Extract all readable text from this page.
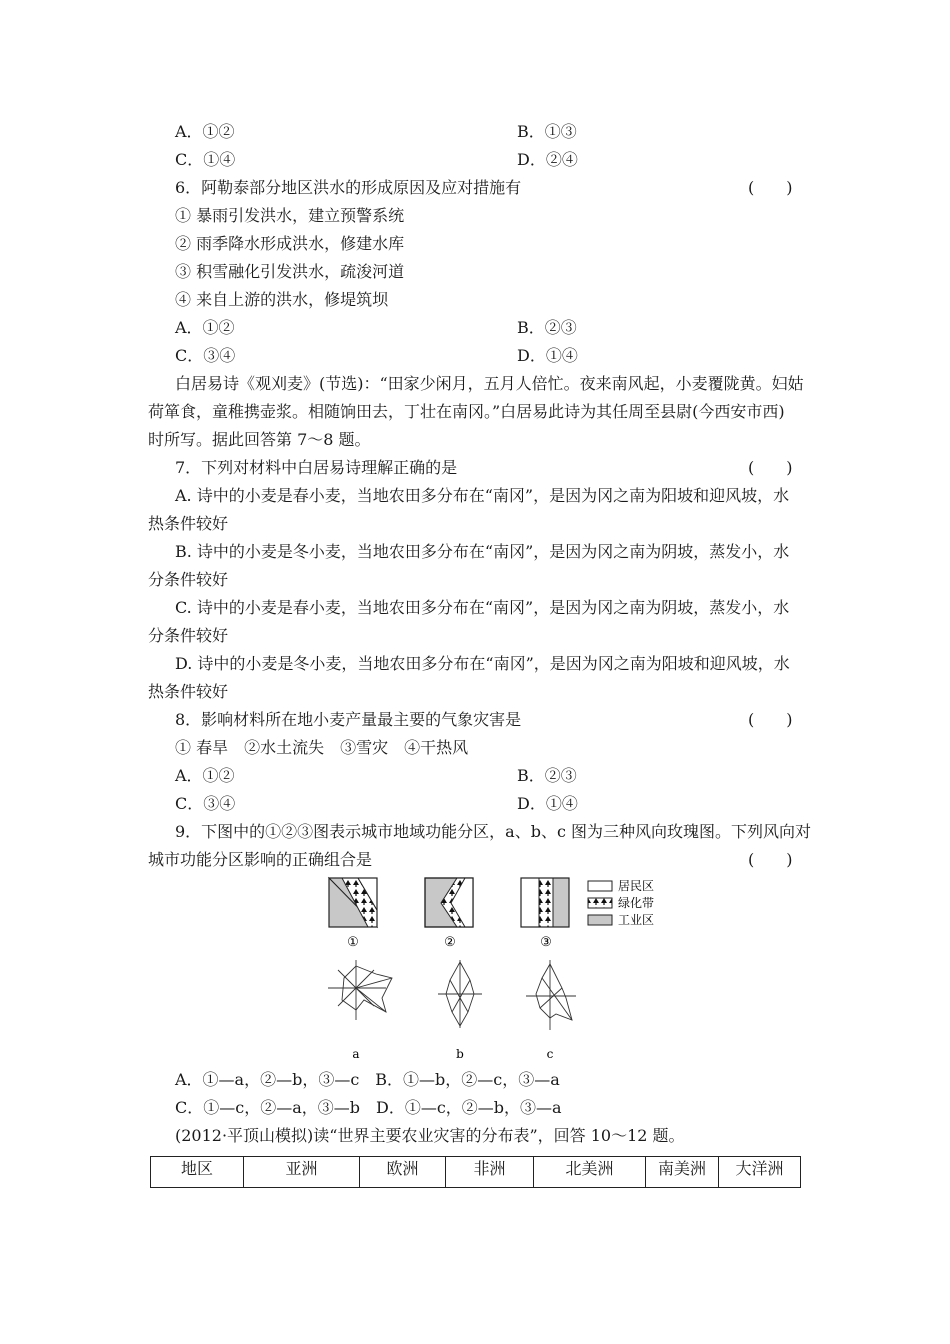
A．①②	B．①③
C．①④	D．②④
6．阿勒泰部分地区洪水的形成原因及应对措施有	(　　)
① 暴雨引发洪水，建立预警系统
② 雨季降水形成洪水，修建水库
③ 积雪融化引发洪水，疏浚河道
④ 来自上游的洪水，修堤筑坝
A．①②	B．②③
C．③④	D．①④
白居易诗《观刈麦》(节选)：“田家少闲月，五月人倍忙。夜来南风起，小麦覆陇黄。妇姑
荷箪食，童稚携壶浆。相随饷田去，丁壮在南冈。”白居易此诗为其任周至县尉(今西安市西)
时所写。据此回答第 7～8 题。
7．下列对材料中白居易诗理解正确的是	(　　)
A. 诗中的小麦是春小麦，当地农田多分布在“南冈”，是因为冈之南为阳坡和迎风坡，水
热条件较好
B. 诗中的小麦是冬小麦，当地农田多分布在“南冈”，是因为冈之南为阴坡，蒸发小，水
分条件较好
C. 诗中的小麦是春小麦，当地农田多分布在“南冈”，是因为冈之南为阴坡，蒸发小，水
分条件较好
D. 诗中的小麦是冬小麦，当地农田多分布在“南冈”，是因为冈之南为阳坡和迎风坡，水
热条件较好
8．影响材料所在地小麦产量最主要的气象灾害是	(　　)
① 春旱　②水土流失　③雪灾　④干热风
A．①②	B．②③
C．③④	D．①④
9．下图中的①②③图表示城市地域功能分区，a、b、c 图为三种风向玫瑰图。下列风向对
城市功能分区影响的正确组合是	(　　)
①	②	③
居民区
绿化带
工业区
a	b	c
A．①—a，②—b，③—c　B．①—b，②—c，③—a
C．①—c，②—a，③—b　D．①—c，②—b，③—a
(2012·平顶山模拟)读“世界主要农业灾害的分布表”，回答 10～12 题。
地区	亚洲	欧洲	非洲	北美洲	南美洲	大洋洲
